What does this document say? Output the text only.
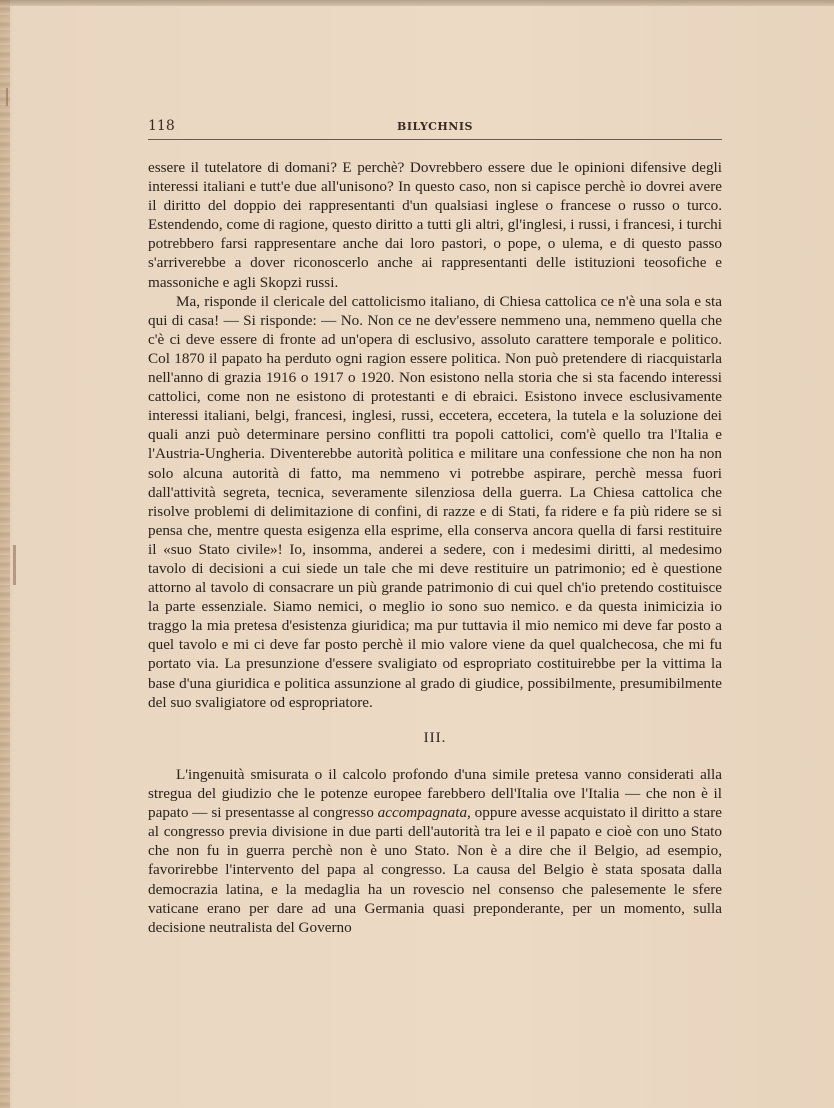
118	BILYCHNIS

essere il tutelatore di domani? E perchè? Dovrebbero essere due le opinioni difensive degli interessi italiani e tutt'e due all'unisono? In questo caso, non si capisce perchè io dovrei avere il diritto del doppio dei rappresentanti d'un qualsiasi inglese o francese o russo o turco. Estendendo, come di ragione, questo diritto a tutti gli altri, gl'inglesi, i russi, i francesi, i turchi potrebbero farsi rappresentare anche dai loro pastori, o pope, o ulema, e di questo passo s'arriverebbe a dover riconoscerlo anche ai rappresentanti delle istituzioni teosofiche e massoniche e agli Skopzi russi.

Ma, risponde il clericale del cattolicismo italiano, di Chiesa cattolica ce n'è una sola e sta qui di casa! — Si risponde: — No. Non ce ne dev'essere nemmeno una, nemmeno quella che c'è ci deve essere di fronte ad un'opera di esclusivo, assoluto carattere temporale e politico. Col 1870 il papato ha perduto ogni ragion essere politica. Non può pretendere di riacquistarla nell'anno di grazia 1916 o 1917 o 1920. Non esistono nella storia che si sta facendo interessi cattolici, come non ne esistono di protestanti e di ebraici. Esistono invece esclusivamente interessi italiani, belgi, francesi, inglesi, russi, eccetera, eccetera, la tutela e la soluzione dei quali anzi può determinare persino conflitti tra popoli cattolici, com'è quello tra l'Italia e l'Austria-Ungheria. Diventerebbe autorità politica e militare una confessione che non ha non solo alcuna autorità di fatto, ma nemmeno vi potrebbe aspirare, perchè messa fuori dall'attività segreta, tecnica, severamente silenziosa della guerra. La Chiesa cattolica che risolve problemi di delimitazione di confini, di razze e di Stati, fa ridere e fa più ridere se si pensa che, mentre questa esigenza ella esprime, ella conserva ancora quella di farsi restituire il «suo Stato civile»! Io, insomma, anderei a sedere, con i medesimi diritti, al medesimo tavolo di decisioni a cui siede un tale che mi deve restituire un patrimonio; ed è questione attorno al tavolo di consacrare un più grande patrimonio di cui quel ch'io pretendo costituisce la parte essenziale. Siamo nemici, o meglio io sono suo nemico. e da questa inimicizia io traggo la mia pretesa d'esistenza giuridica; ma pur tuttavia il mio nemico mi deve far posto a quel tavolo e mi ci deve far posto perchè il mio valore viene da quel qualchecosa, che mi fu portato via. La presunzione d'essere svaligiato od espropriato costituirebbe per la vittima la base d'una giuridica e politica assunzione al grado di giudice, possibilmente, presumibilmente del suo svaligiatore od espropriatore.

III.

L'ingenuità smisurata o il calcolo profondo d'una simile pretesa vanno considerati alla stregua del giudizio che le potenze europee farebbero dell'Italia ove l'Italia — che non è il papato — si presentasse al congresso accompagnata, oppure avesse acquistato il diritto a stare al congresso previa divisione in due parti dell'autorità tra lei e il papato e cioè con uno Stato che non fu in guerra perchè non è uno Stato. Non è a dire che il Belgio, ad esempio, favorirebbe l'intervento del papa al congresso. La causa del Belgio è stata sposata dalla democrazia latina, e la medaglia ha un rovescio nel consenso che palesemente le sfere vaticane erano per dare ad una Germania quasi preponderante, per un momento, sulla decisione neutralista del Governo
